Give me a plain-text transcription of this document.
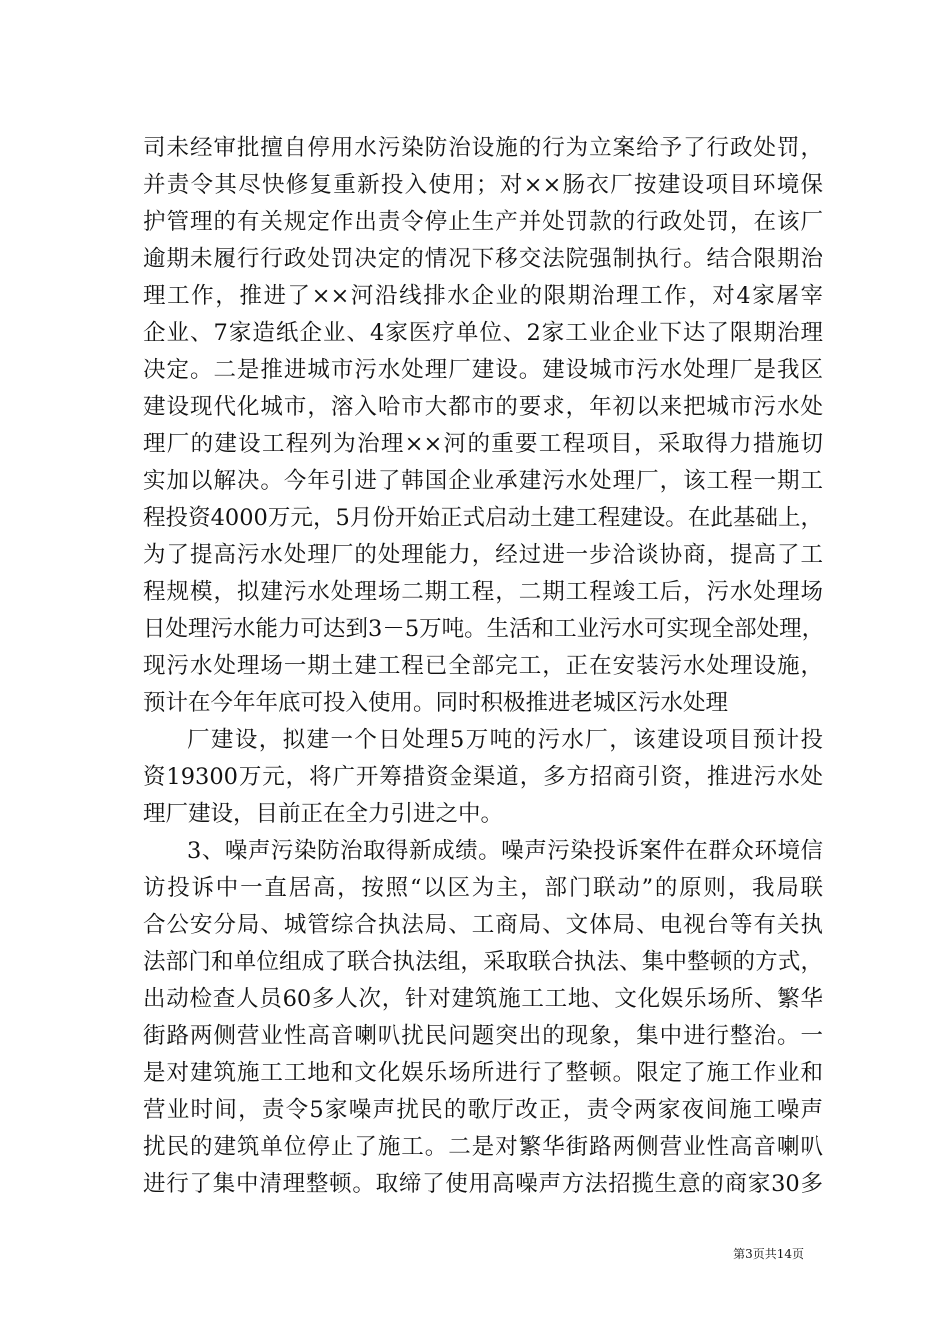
司未经审批擅自停用水污染防治设施的行为立案给予了行政处罚，
并责令其尽快修复重新投入使用；对××肠衣厂按建设项目环境保
护管理的有关规定作出责令停止生产并处罚款的行政处罚，在该厂
逾期未履行行政处罚决定的情况下移交法院强制执行。结合限期治
理工作，推进了××河沿线排水企业的限期治理工作，对4家屠宰
企业、7家造纸企业、4家医疗单位、2家工业企业下达了限期治理
决定。二是推进城市污水处理厂建设。建设城市污水处理厂是我区
建设现代化城市，溶入哈市大都市的要求，年初以来把城市污水处
理厂的建设工程列为治理××河的重要工程项目，采取得力措施切
实加以解决。今年引进了韩国企业承建污水处理厂，该工程一期工
程投资4000万元，5月份开始正式启动土建工程建设。在此基础上，
为了提高污水处理厂的处理能力，经过进一步洽谈协商，提高了工
程规模，拟建污水处理场二期工程，二期工程竣工后，污水处理场
日处理污水能力可达到3－5万吨。生活和工业污水可实现全部处理，
现污水处理场一期土建工程已全部完工，正在安装污水处理设施，
预计在今年年底可投入使用。同时积极推进老城区污水处理
厂建设，拟建一个日处理5万吨的污水厂，该建设项目预计投
资19300万元，将广开筹措资金渠道，多方招商引资，推进污水处
理厂建设，目前正在全力引进之中。
3、噪声污染防治取得新成绩。噪声污染投诉案件在群众环境信
访投诉中一直居高，按照“以区为主，部门联动”的原则，我局联
合公安分局、城管综合执法局、工商局、文体局、电视台等有关执
法部门和单位组成了联合执法组，采取联合执法、集中整顿的方式，
出动检查人员60多人次，针对建筑施工工地、文化娱乐场所、繁华
街路两侧营业性高音喇叭扰民问题突出的现象，集中进行整治。一
是对建筑施工工地和文化娱乐场所进行了整顿。限定了施工作业和
营业时间，责令5家噪声扰民的歌厅改正，责令两家夜间施工噪声
扰民的建筑单位停止了施工。二是对繁华街路两侧营业性高音喇叭
进行了集中清理整顿。取缔了使用高噪声方法招揽生意的商家30多
第3页共14页
